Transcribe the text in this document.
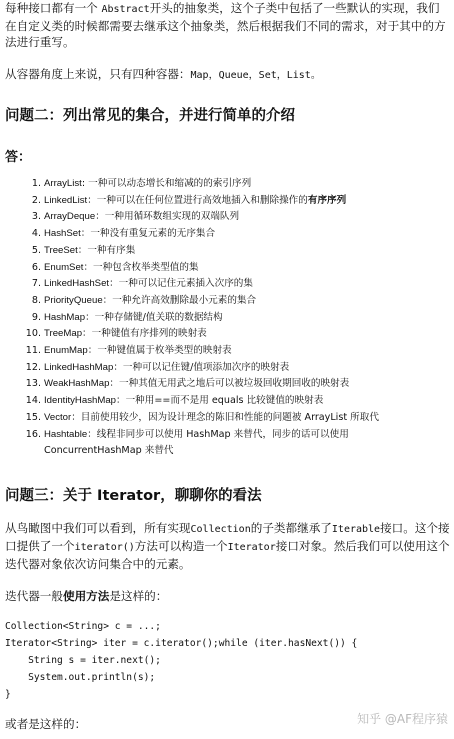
每种接口都有一个 Abstract开头的抽象类，这个子类中包括了一些默认的实现，我们在自定义类的时候都需要去继承这个抽象类，然后根据我们不同的需求，对于其中的方法进行重写。

从容器角度上来说，只有四种容器：Map，Queue，Set，List。

问题二：列出常见的集合，并进行简单的介绍

答：

1. ArrayList: 一种可以动态增长和缩减的的索引序列
2. LinkedList：一种可以在任何位置进行高效地插入和删除操作的有序序列
3. ArrayDeque：一种用循环数组实现的双端队列
4. HashSet：一种没有重复元素的无序集合
5. TreeSet：一种有序集
6. EnumSet：一种包含枚举类型值的集
7. LinkedHashSet：一种可以记住元素插入次序的集
8. PriorityQueue：一种允许高效删除最小元素的集合
9. HashMap：一种存储键/值关联的数据结构
10. TreeMap：一种键值有序排列的映射表
11. EnumMap：一种键值属于枚举类型的映射表
12. LinkedHashMap：一种可以记住键/值项添加次序的映射表
13. WeakHashMap：一种其值无用武之地后可以被垃圾回收期回收的映射表
14. IdentityHashMap：一种用==而不是用 equals 比较键值的映射表
15. Vector：目前使用较少，因为设计理念的陈旧和性能的问题被 ArrayList 所取代
16. Hashtable：线程非同步可以使用 HashMap 来替代，同步的话可以使用
ConcurrentHashMap 来替代

问题三：关于 Iterator，聊聊你的看法

从鸟瞰图中我们可以看到，所有实现Collection的子类都继承了Iterable接口。这个接口提供了一个iterator()方法可以构造一个Iterator接口对象。然后我们可以使用这个迭代器对象依次访问集合中的元素。

迭代器一般使用方法是这样的：

Collection<String> c = ...;
Iterator<String> iter = c.iterator();while (iter.hasNext()) {
String s = iter.next();
System.out.println(s);
}

或者是这样的：	知乎 @AF程序猿
